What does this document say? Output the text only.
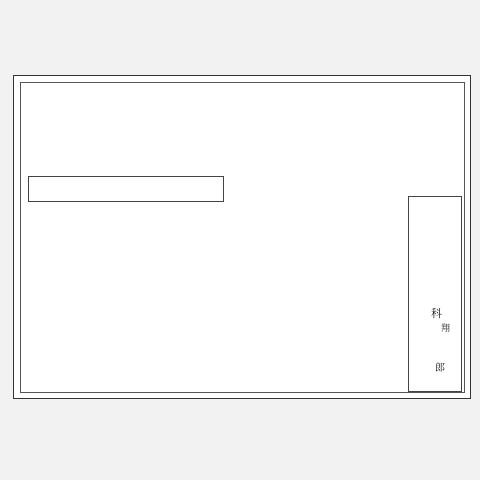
科
翔
郎
